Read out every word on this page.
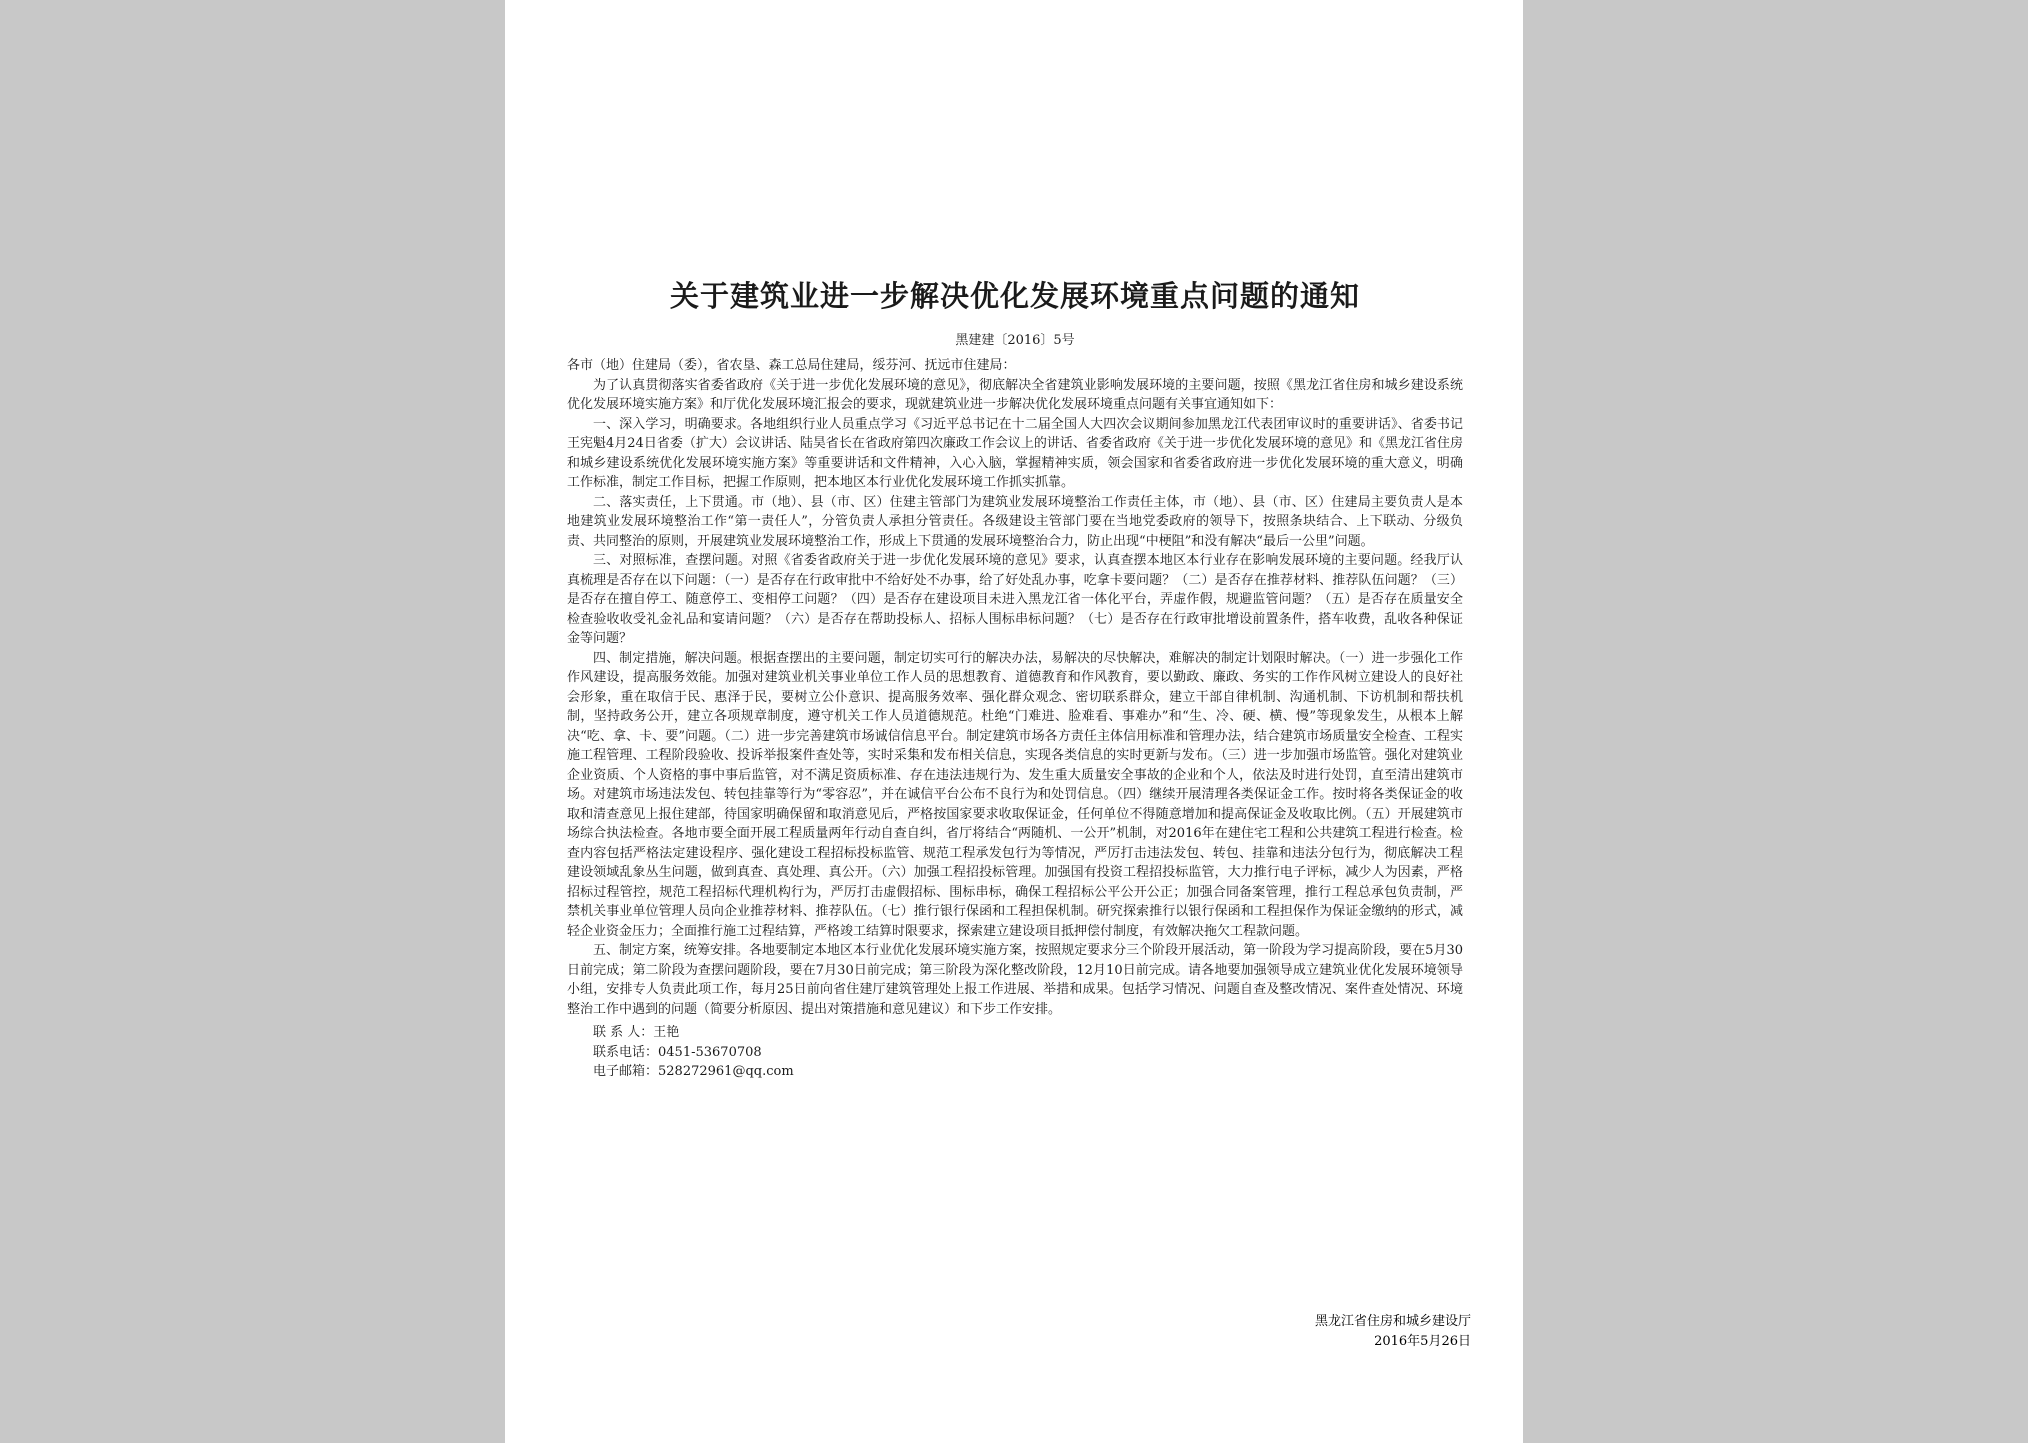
关于建筑业进一步解决优化发展环境重点问题的通知
黑建建〔2016〕5号
各市（地）住建局（委），省农垦、森工总局住建局，绥芬河、抚远市住建局：
为了认真贯彻落实省委省政府《关于进一步优化发展环境的意见》，彻底解决全省建筑业影响发展环境的主要问题，按照《黑龙江省住房和城乡建设系统优化发展环境实施方案》和厅优化发展环境汇报会的要求，现就建筑业进一步解决优化发展环境重点问题有关事宜通知如下：
一、深入学习，明确要求。各地组织行业人员重点学习《习近平总书记在十二届全国人大四次会议期间参加黑龙江代表团审议时的重要讲话》、省委书记王宪魁4月24日省委（扩大）会议讲话、陆昊省长在省政府第四次廉政工作会议上的讲话、省委省政府《关于进一步优化发展环境的意见》和《黑龙江省住房和城乡建设系统优化发展环境实施方案》等重要讲话和文件精神，入心入脑，掌握精神实质，领会国家和省委省政府进一步优化发展环境的重大意义，明确工作标准，制定工作目标，把握工作原则，把本地区本行业优化发展环境工作抓实抓靠。
二、落实责任，上下贯通。市（地）、县（市、区）住建主管部门为建筑业发展环境整治工作责任主体，市（地）、县（市、区）住建局主要负责人是本地建筑业发展环境整治工作“第一责任人”，分管负责人承担分管责任。各级建设主管部门要在当地党委政府的领导下，按照条块结合、上下联动、分级负责、共同整治的原则，开展建筑业发展环境整治工作，形成上下贯通的发展环境整治合力，防止出现“中梗阻”和没有解决“最后一公里”问题。
三、对照标准，查摆问题。对照《省委省政府关于进一步优化发展环境的意见》要求，认真查摆本地区本行业存在影响发展环境的主要问题。经我厅认真梳理是否存在以下问题：（一）是否存在行政审批中不给好处不办事，给了好处乱办事，吃拿卡要问题？（二）是否存在推荐材料、推荐队伍问题？（三）是否存在擅自停工、随意停工、变相停工问题？（四）是否存在建设项目未进入黑龙江省一体化平台，弄虚作假，规避监管问题？（五）是否存在质量安全检查验收收受礼金礼品和宴请问题？（六）是否存在帮助投标人、招标人围标串标问题？（七）是否存在行政审批增设前置条件，搭车收费，乱收各种保证金等问题？
四、制定措施，解决问题。根据查摆出的主要问题，制定切实可行的解决办法，易解决的尽快解决，难解决的制定计划限时解决。（一）进一步强化工作作风建设，提高服务效能。加强对建筑业机关事业单位工作人员的思想教育、道德教育和作风教育，要以勤政、廉政、务实的工作作风树立建设人的良好社会形象，重在取信于民、惠泽于民，要树立公仆意识、提高服务效率、强化群众观念、密切联系群众，建立干部自律机制、沟通机制、下访机制和帮扶机制，坚持政务公开，建立各项规章制度，遵守机关工作人员道德规范。杜绝“门难进、脸难看、事难办”和“生、冷、硬、横、慢”等现象发生，从根本上解决“吃、拿、卡、要”问题。（二）进一步完善建筑市场诚信信息平台。制定建筑市场各方责任主体信用标准和管理办法，结合建筑市场质量安全检查、工程实施工程管理、工程阶段验收、投诉举报案件查处等，实时采集和发布相关信息，实现各类信息的实时更新与发布。（三）进一步加强市场监管。强化对建筑业企业资质、个人资格的事中事后监管，对不满足资质标准、存在违法违规行为、发生重大质量安全事故的企业和个人，依法及时进行处罚，直至清出建筑市场。对建筑市场违法发包、转包挂靠等行为“零容忍”，并在诚信平台公布不良行为和处罚信息。（四）继续开展清理各类保证金工作。按时将各类保证金的收取和清查意见上报住建部，待国家明确保留和取消意见后，严格按国家要求收取保证金，任何单位不得随意增加和提高保证金及收取比例。（五）开展建筑市场综合执法检查。各地市要全面开展工程质量两年行动自查自纠，省厅将结合“两随机、一公开”机制，对2016年在建住宅工程和公共建筑工程进行检查。检查内容包括严格法定建设程序、强化建设工程招标投标监管、规范工程承发包行为等情况，严厉打击违法发包、转包、挂靠和违法分包行为，彻底解决工程建设领域乱象丛生问题，做到真查、真处理、真公开。（六）加强工程招投标管理。加强国有投资工程招投标监管，大力推行电子评标，减少人为因素，严格招标过程管控，规范工程招标代理机构行为，严厉打击虚假招标、围标串标，确保工程招标公平公开公正；加强合同备案管理，推行工程总承包负责制，严禁机关事业单位管理人员向企业推荐材料、推荐队伍。（七）推行银行保函和工程担保机制。研究探索推行以银行保函和工程担保作为保证金缴纳的形式，减轻企业资金压力；全面推行施工过程结算，严格竣工结算时限要求，探索建立建设项目抵押偿付制度，有效解决拖欠工程款问题。
五、制定方案，统筹安排。各地要制定本地区本行业优化发展环境实施方案，按照规定要求分三个阶段开展活动，第一阶段为学习提高阶段，要在5月30日前完成；第二阶段为查摆问题阶段，要在7月30日前完成；第三阶段为深化整改阶段，12月10日前完成。请各地要加强领导成立建筑业优化发展环境领导小组，安排专人负责此项工作，每月25日前向省住建厅建筑管理处上报工作进展、举措和成果。包括学习情况、问题自查及整改情况、案件查处情况、环境整治工作中遇到的问题（简要分析原因、提出对策措施和意见建议）和下步工作安排。
联 系 人：王艳
联系电话：0451-53670708
电子邮箱：528272961@qq.com
黑龙江省住房和城乡建设厅
2016年5月26日
